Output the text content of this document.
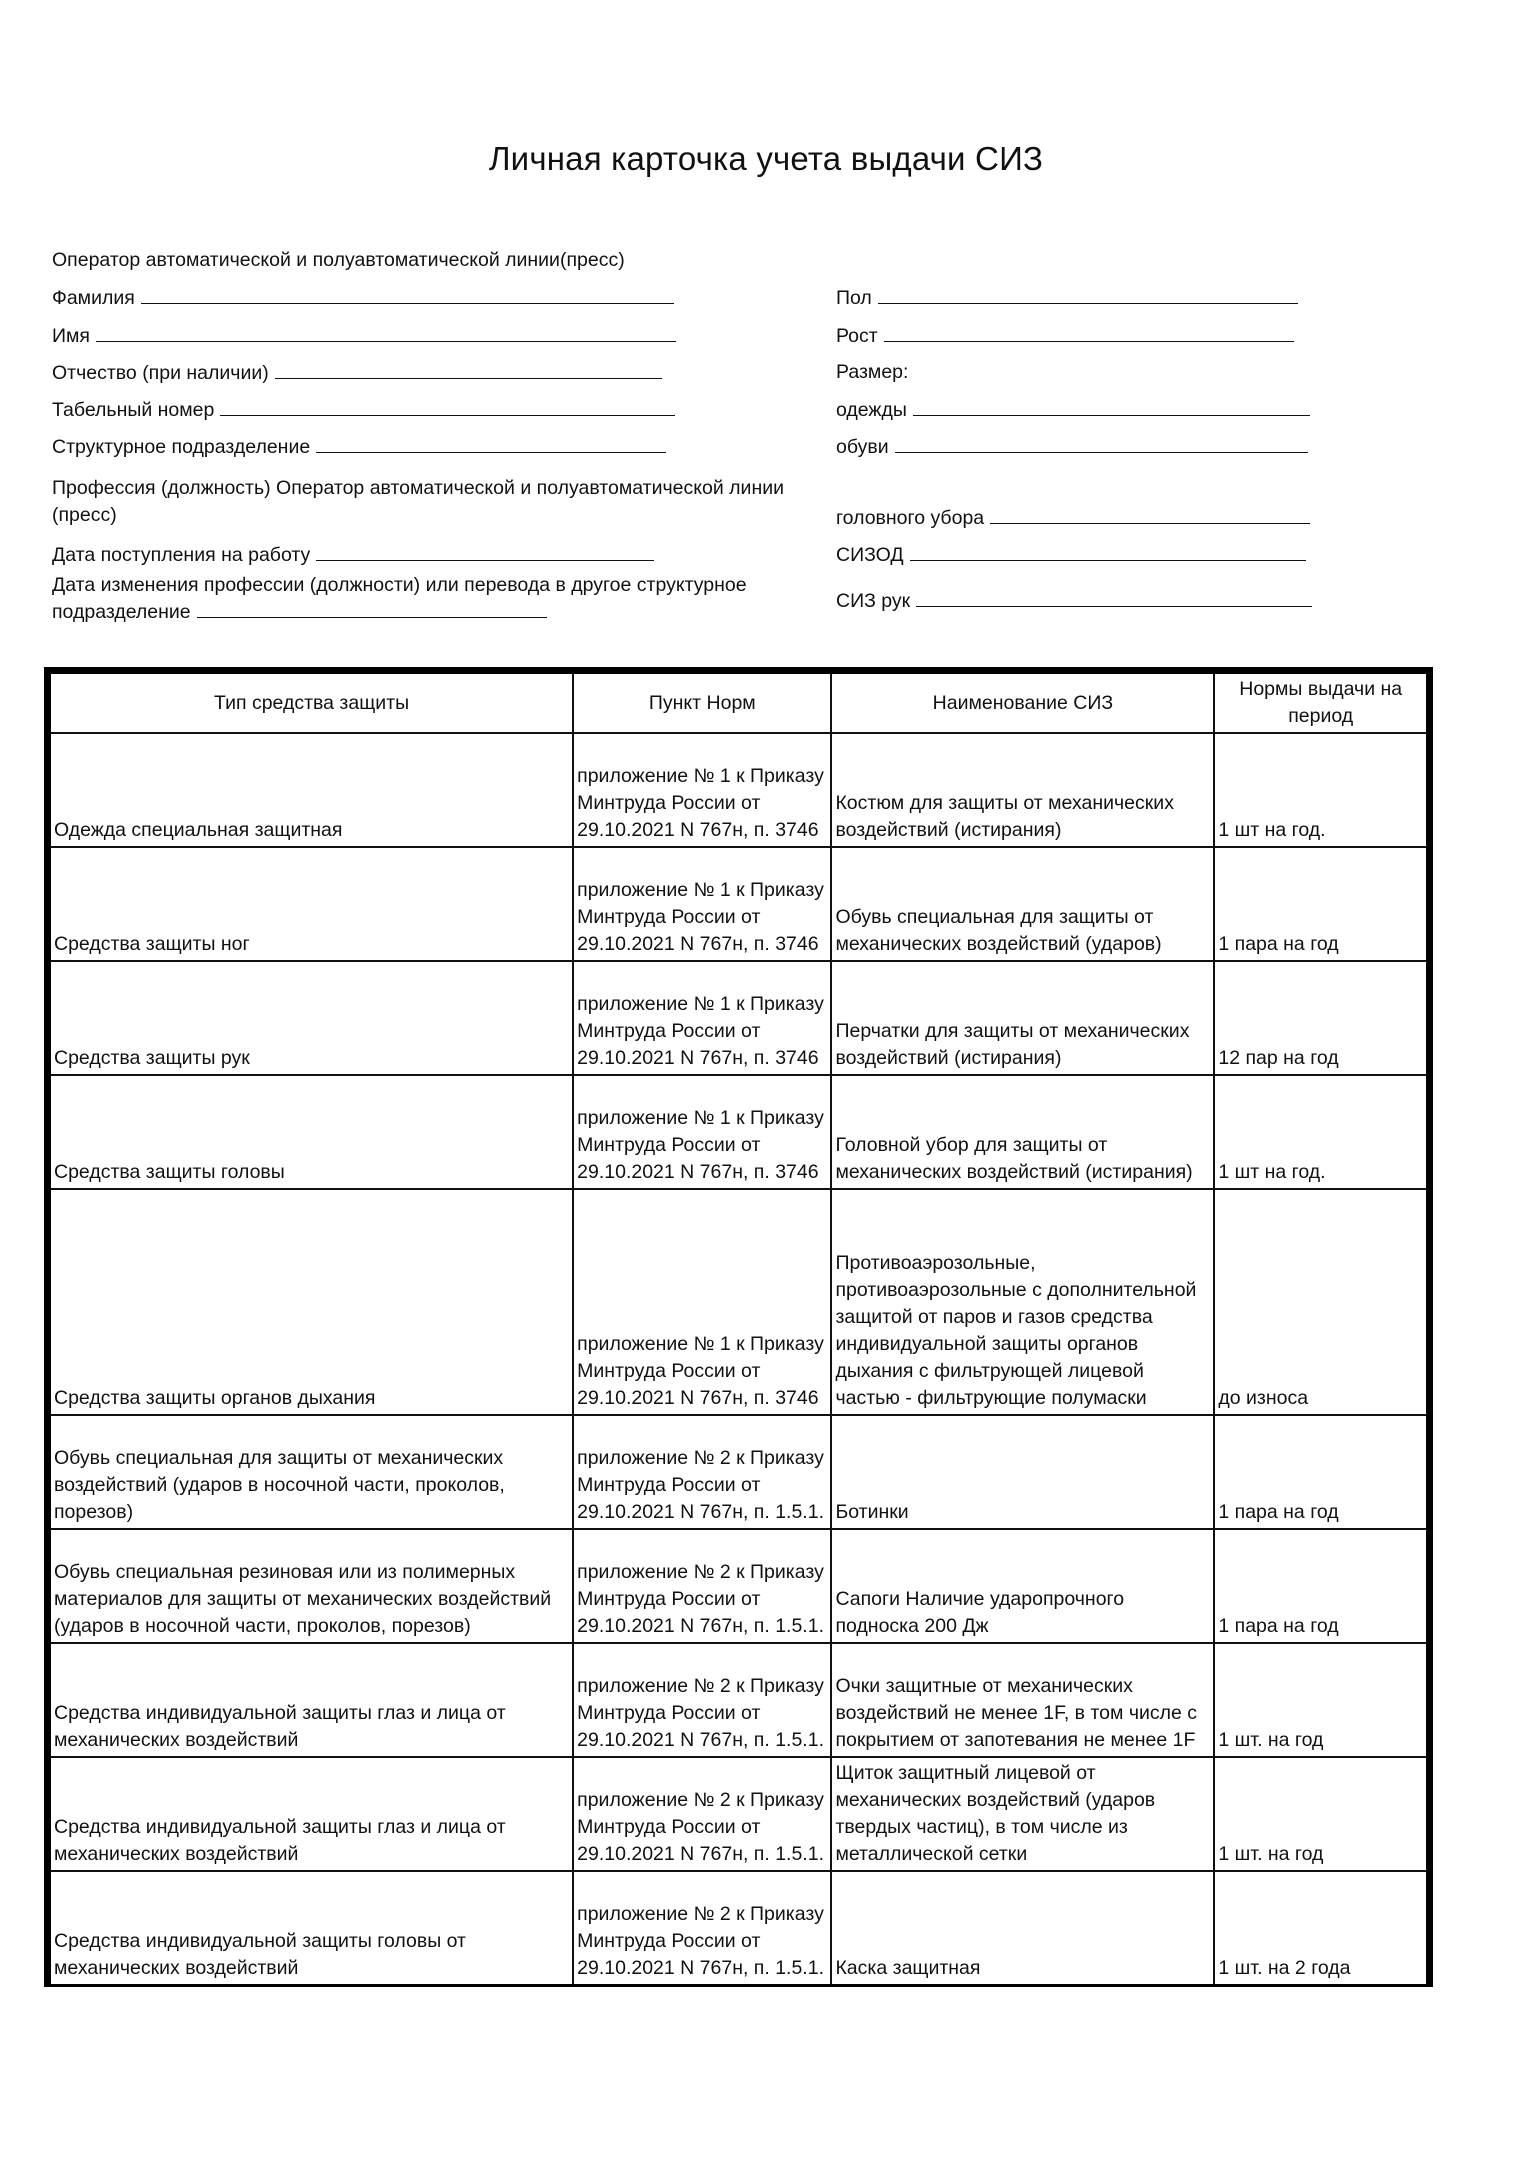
Личная карточка учета выдачи СИЗ
Оператор автоматической и полуавтоматической линии(пресс)
Фамилия
Имя
Отчество (при наличии)
Табельный номер
Структурное подразделение
Профессия (должность) Оператор автоматической и полуавтоматической линии (пресс)
Дата поступления на работу
Дата изменения профессии (должности) или перевода в другое структурное подразделение
Пол
Рост
Размер:
одежды
обуви
головного убора
СИЗОД
СИЗ рук
Тип средства защиты	Пункт Норм	Наименование СИЗ	Нормы выдачи на период
Одежда специальная защитная	приложение № 1 к Приказу Минтруда России от 29.10.2021 N 767н, п. 3746	Костюм для защиты от механических воздействий (истирания)	1 шт на год.
Средства защиты ног	приложение № 1 к Приказу Минтруда России от 29.10.2021 N 767н, п. 3746	Обувь специальная для защиты от механических воздействий (ударов)	1 пара на год
Средства защиты рук	приложение № 1 к Приказу Минтруда России от 29.10.2021 N 767н, п. 3746	Перчатки для защиты от механических воздействий (истирания)	12 пар на год
Средства защиты головы	приложение № 1 к Приказу Минтруда России от 29.10.2021 N 767н, п. 3746	Головной убор для защиты от механических воздействий (истирания)	1 шт на год.
Средства защиты органов дыхания	приложение № 1 к Приказу Минтруда России от 29.10.2021 N 767н, п. 3746	Противоаэрозольные, противоаэрозольные с дополнительной защитой от паров и газов средства индивидуальной защиты органов дыхания с фильтрующей лицевой частью - фильтрующие полумаски	до износа
Обувь специальная для защиты от механических воздействий (ударов в носочной части, проколов, порезов)	приложение № 2 к Приказу Минтруда России от 29.10.2021 N 767н, п. 1.5.1.	Ботинки	1 пара на год
Обувь специальная резиновая или из полимерных материалов для защиты от механических воздействий (ударов в носочной части, проколов, порезов)	приложение № 2 к Приказу Минтруда России от 29.10.2021 N 767н, п. 1.5.1.	Сапоги Наличие ударопрочного подноска 200 Дж	1 пара на год
Средства индивидуальной защиты глаз и лица от механических воздействий	приложение № 2 к Приказу Минтруда России от 29.10.2021 N 767н, п. 1.5.1.	Очки защитные от механических воздействий не менее 1F, в том числе с покрытием от запотевания не менее 1F	1 шт. на год
Средства индивидуальной защиты глаз и лица от механических воздействий	приложение № 2 к Приказу Минтруда России от 29.10.2021 N 767н, п. 1.5.1.	Щиток защитный лицевой от механических воздействий (ударов твердых частиц), в том числе из металлической сетки	1 шт. на год
Средства индивидуальной защиты головы от механических воздействий	приложение № 2 к Приказу Минтруда России от 29.10.2021 N 767н, п. 1.5.1.	Каска защитная	1 шт. на 2 года
